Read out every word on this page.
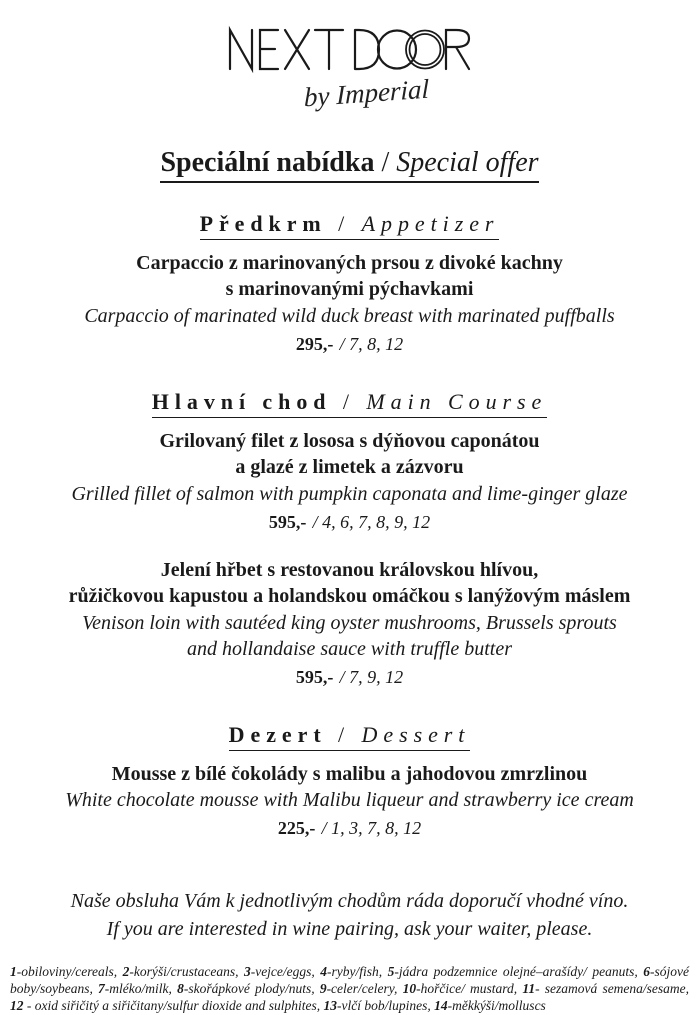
by Imperial
Speciální nabídka / Special offer
Předkrm / Appetizer
Carpaccio z marinovaných prsou z divoké kachny
s marinovanými pýchavkami
Carpaccio of marinated wild duck breast with marinated puffballs
295,- / 7, 8, 12
Hlavní chod / Main Course
Grilovaný filet z lososa s dýňovou caponátou
a glazé z limetek a zázvoru
Grilled fillet of salmon with pumpkin caponata and lime-ginger glaze
595,- / 4, 6, 7, 8, 9, 12
Jelení hřbet s restovanou královskou hlívou,
růžičkovou kapustou a holandskou omáčkou s lanýžovým máslem
Venison loin with sautéed king oyster mushrooms, Brussels sprouts
and hollandaise sauce with truffle butter
595,- / 7, 9, 12
Dezert / Dessert
Mousse z bílé čokolády s malibu a jahodovou zmrzlinou
White chocolate mousse with Malibu liqueur and strawberry ice cream
225,- / 1, 3, 7, 8, 12
Naše obsluha Vám k jednotlivým chodům ráda doporučí vhodné víno.
If you are interested in wine pairing, ask your waiter, please.

1-obiloviny/cereals, 2-korýši/crustaceans, 3-vejce/eggs, 4-ryby/fish, 5-jádra podzemnice olejné–arašídy/ peanuts, 6-sójové boby/soybeans, 7-mléko/milk, 8-skořápkové plody/nuts, 9-celer/celery, 10-hořčice/ mustard, 11- sezamová semena/sesame, 12 - oxid siřičitý a siřičitany/sulfur dioxide and sulphites, 13-vlčí bob/lupines, 14-měkkýši/molluscs
